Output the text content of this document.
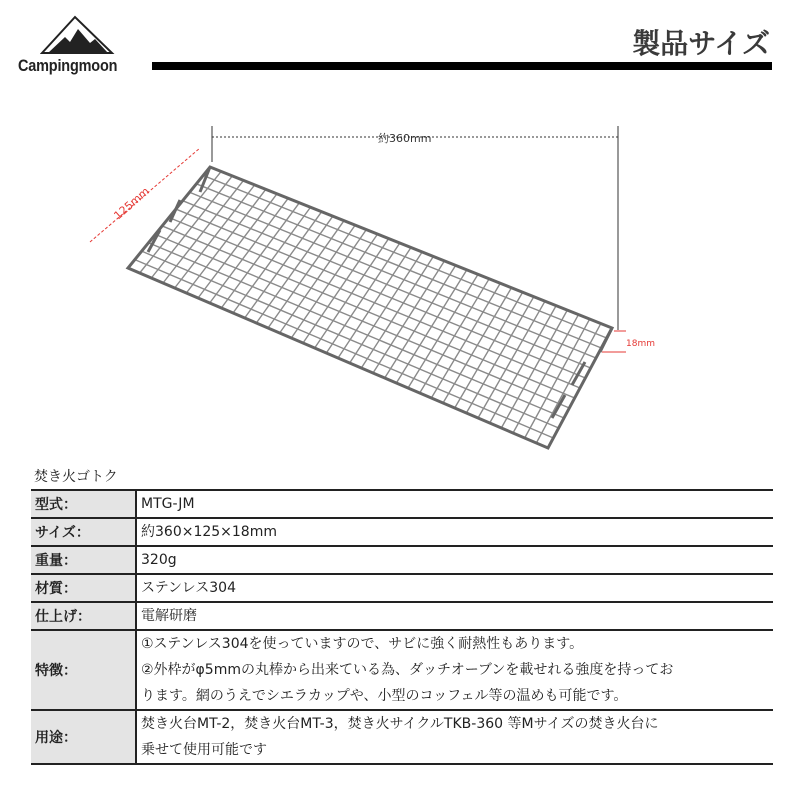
Campingmoon
製品サイズ
約360mm
125mm
18mm
焚き火ゴトク
型式：	MTG-JM

サイズ：	約360×125×18mm

重量：	320g

材質：	ステンレス304

仕上げ：	電解研磨

特徴：	①ステンレス304を使っていますので、サビに強く耐熱性もあります。
②外枠がφ5mmの丸棒から出来ている為、ダッチオーブンを載せれる強度を持ってお
ります。網のうえでシエラカップや、小型のコッフェル等の温めも可能です。

用途：	焚き火台MT-2，焚き火台MT-3，焚き火サイクルTKB-360 等Mサイズの焚き火台に
乗せて使用可能です
